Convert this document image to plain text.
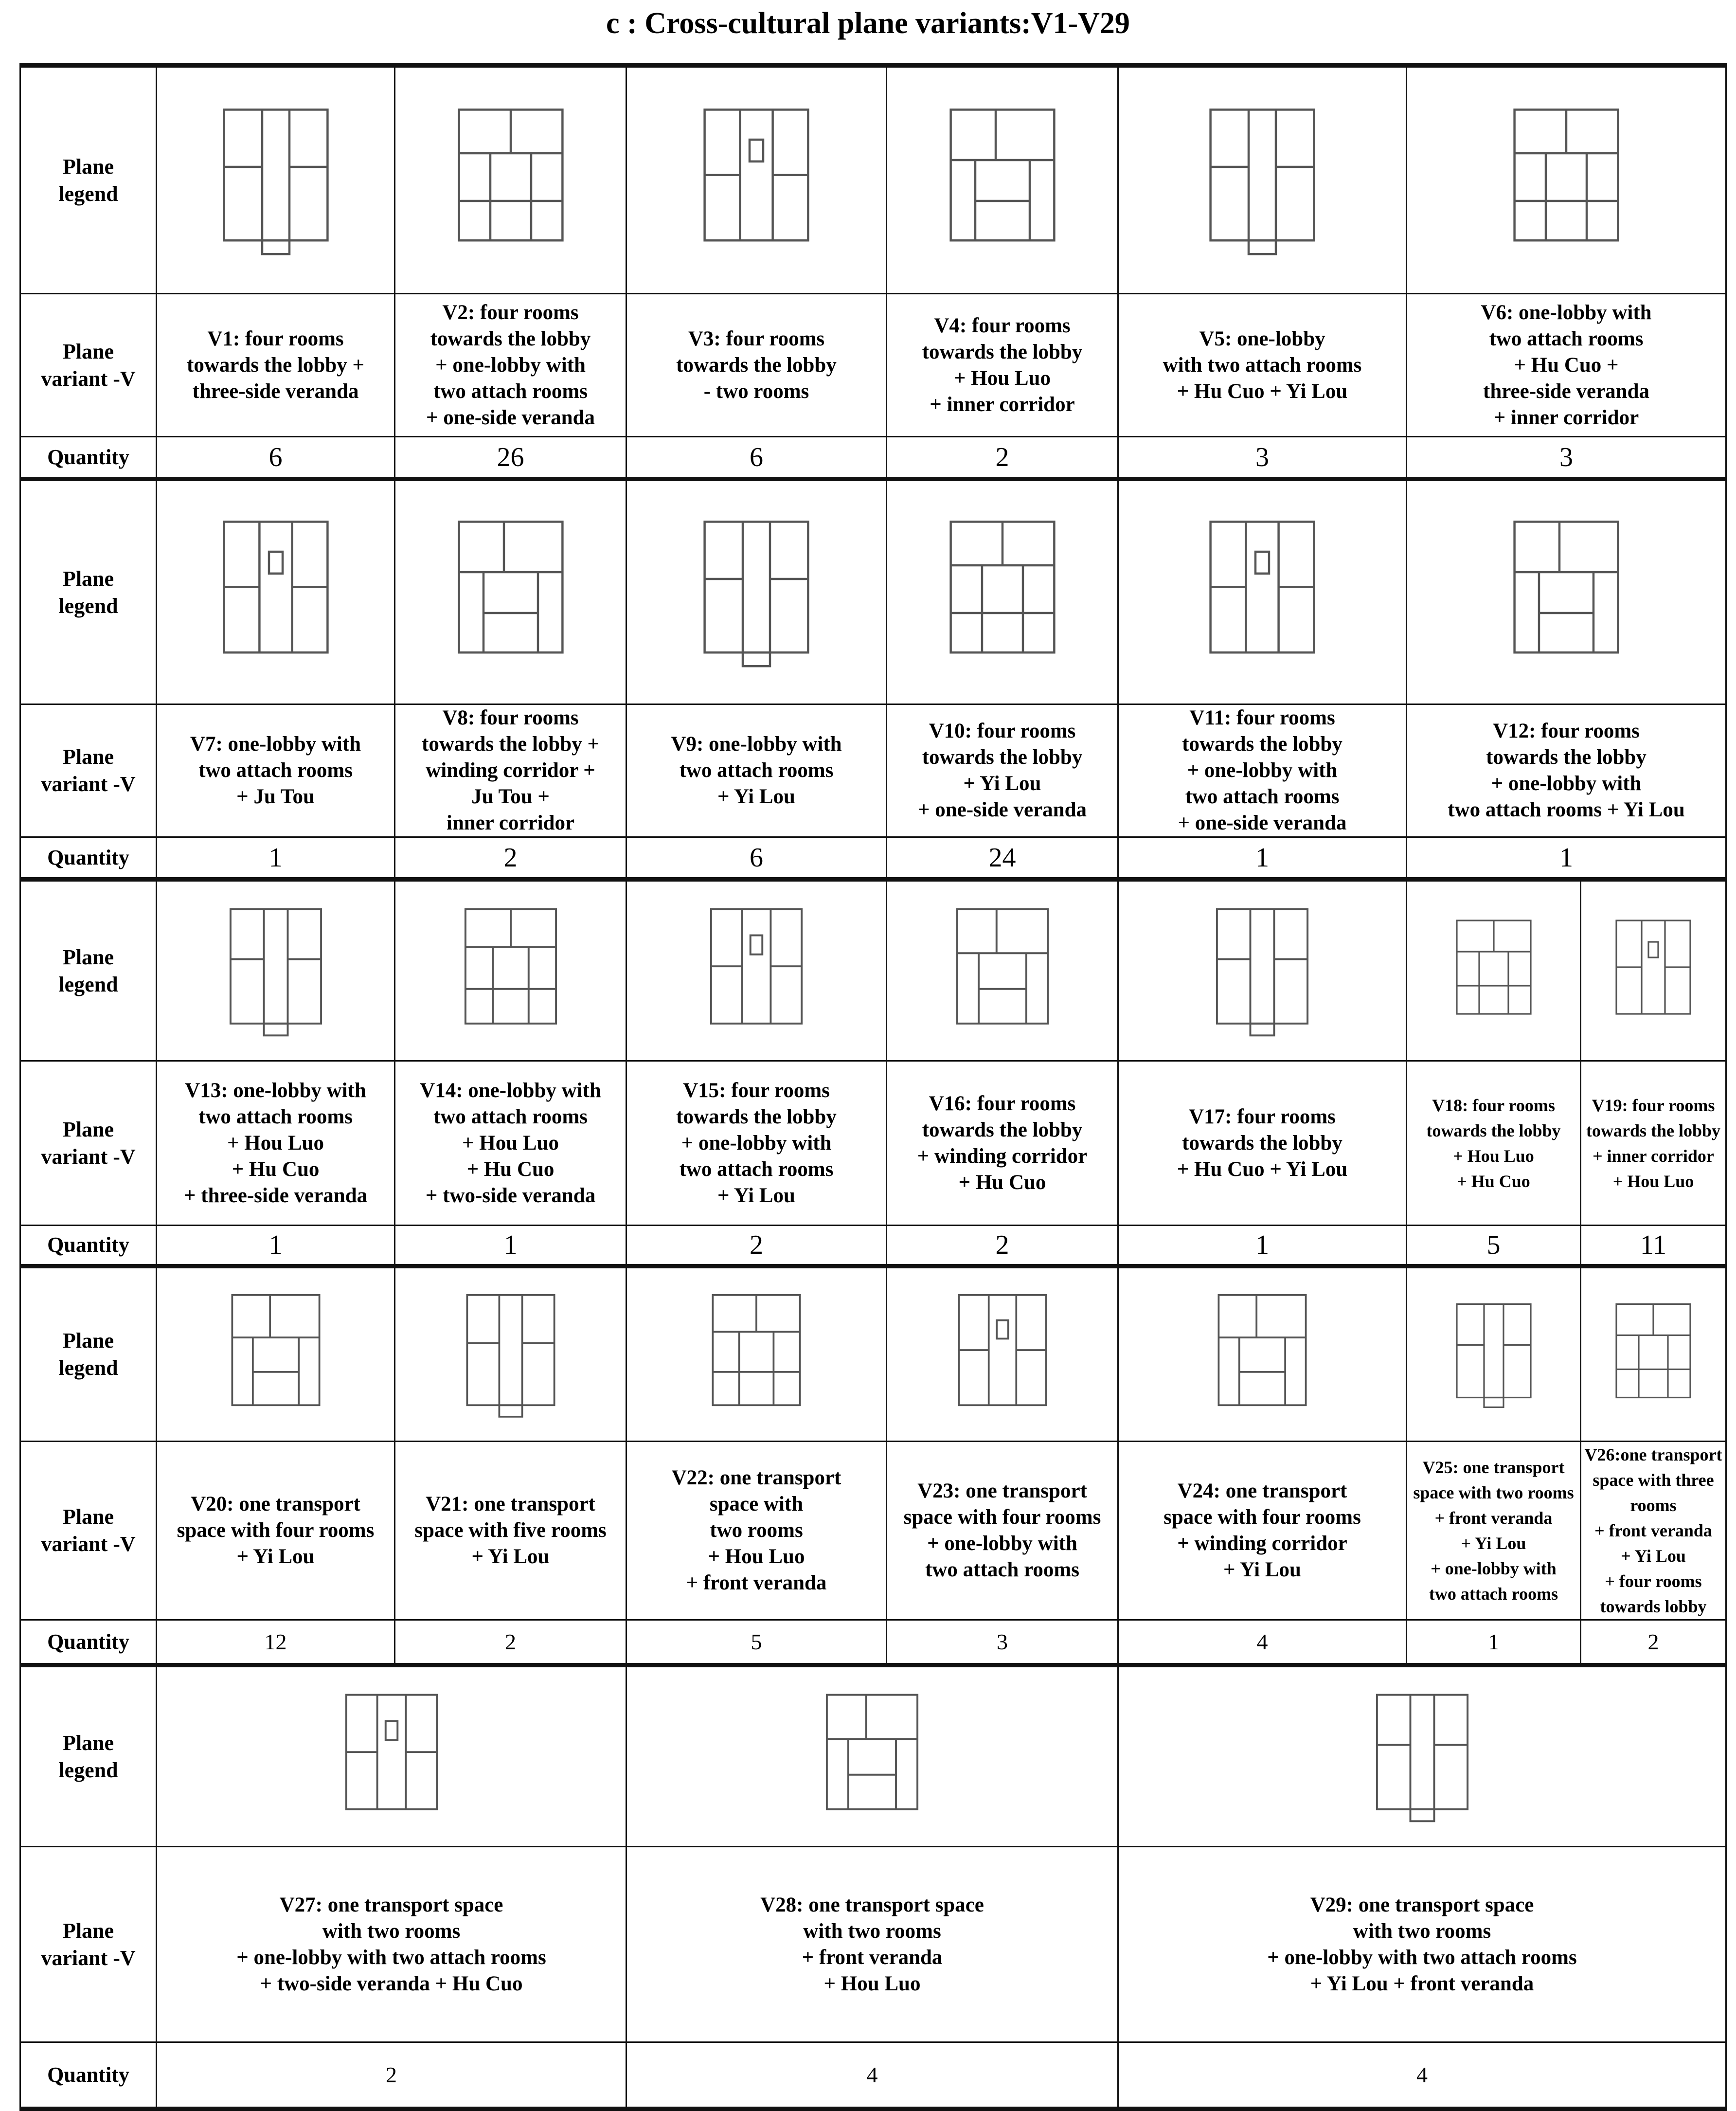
c : Cross-cultural plane variants:V1-V29
Plane
legend

Plane
variant -V

V1: four rooms
towards the lobby +
three-side veranda

V2: four rooms
towards the lobby
+ one-lobby with
two attach rooms
+ one-side veranda

V3: four rooms
towards the lobby
- two rooms

V4: four rooms
towards the lobby
+ Hou Luo
+ inner corridor

V5: one-lobby
with two attach rooms
+ Hu Cuo + Yi Lou

V6: one-lobby with
two attach rooms
+ Hu Cuo +
three-side veranda
+ inner corridor

Quantity	6	26	6	2	3	3	

Plane
legend

Plane
variant -V

V7: one-lobby with
two attach rooms
+ Ju Tou

V8: four rooms
towards the lobby +
winding corridor +
Ju Tou +
inner corridor

V9: one-lobby with
two attach rooms
+ Yi Lou

V10: four rooms
towards the lobby
+ Yi Lou
+ one-side veranda

V11: four rooms
towards the lobby
+ one-lobby with
two attach rooms
+ one-side veranda

V12: four rooms
towards the lobby
+ one-lobby with
two attach rooms + Yi Lou

Quantity	1	2	6	24	1	1	

Plane
legend

Plane
variant -V

V13: one-lobby with
two attach rooms
+ Hou Luo
+ Hu Cuo
+ three-side veranda

V14: one-lobby with
two attach rooms
+ Hou Luo
+ Hu Cuo
+ two-side veranda

V15: four rooms
towards the lobby
+ one-lobby with
two attach rooms
+ Yi Lou

V16: four rooms
towards the lobby
+ winding corridor
+ Hu Cuo

V17: four rooms
towards the lobby
+ Hu Cuo + Yi Lou

V18: four rooms
towards the lobby
+ Hou Luo
+ Hu Cuo

V19: four rooms
towards the lobby
+ inner corridor
+ Hou Luo

Quantity	1	1	2	2	1	5	11

Plane
legend

Plane
variant -V

V20: one transport
space with four rooms
+ Yi Lou

V21: one transport
space with five rooms
+ Yi Lou

V22: one transport
space with
two rooms
+ Hou Luo
+ front veranda

V23: one transport
space with four rooms
+ one-lobby with
two attach rooms

V24: one transport
space with four rooms
+ winding corridor
+ Yi Lou

V25: one transport
space with two rooms
+ front veranda
+ Yi Lou
+ one-lobby with
two attach rooms

V26:one transport
space with three
rooms
+ front veranda
+ Yi Lou
+ four rooms
towards lobby

Quantity	12	2	5	3	4	1	2

Plane
legend

Plane
variant -V

V27: one transport space
with two rooms
+ one-lobby with two attach rooms
+ two-side veranda + Hu Cuo

V28: one transport space
with two rooms
+ front veranda
+ Hou Luo

V29: one transport space
with two rooms
+ one-lobby with two attach rooms
+ Yi Lou + front veranda

Quantity	2		4		4		
